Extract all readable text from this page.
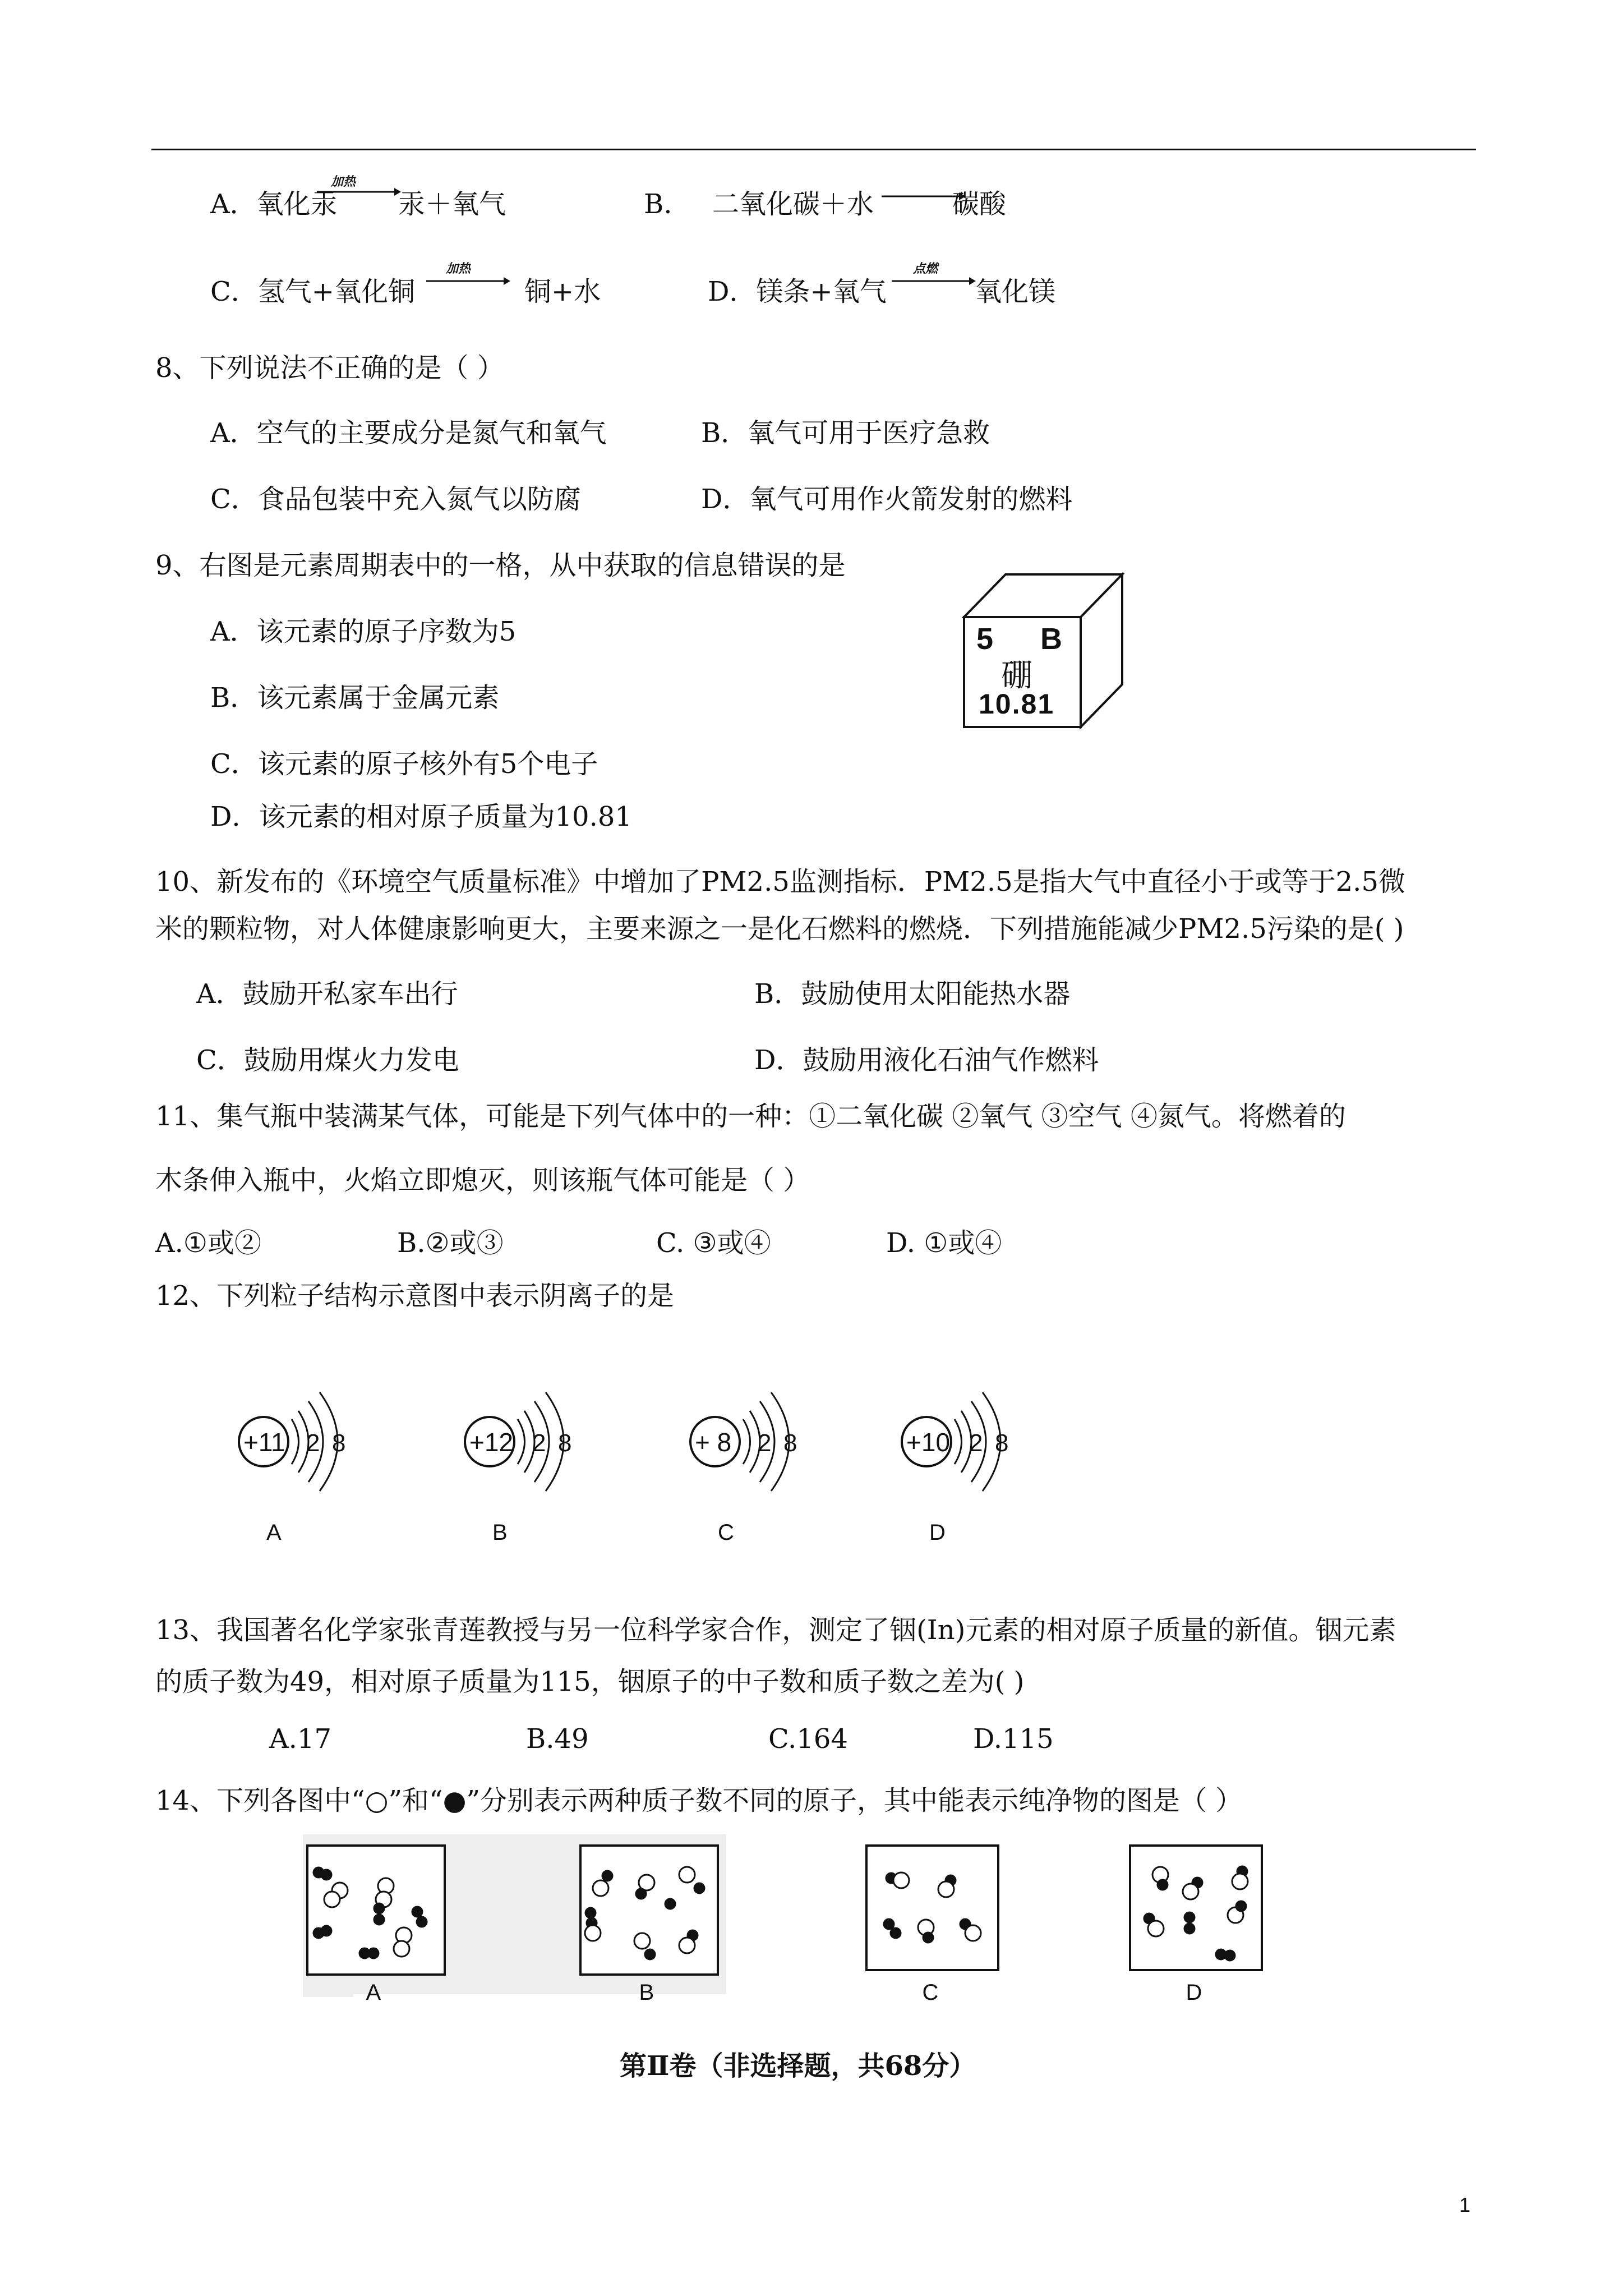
A．氧化汞
加热
汞＋氧气	B. 二氧化碳＋水	碳酸
C．氢气+氧化铜
加热
铜+水	D．镁条+氧气
点燃
氧化镁
8、下列说法不正确的是（ ）
A．空气的主要成分是氮气和氧气	B．氧气可用于医疗急救
C．食品包装中充入氮气以防腐	D．氧气可用作火箭发射的燃料
9、右图是元素周期表中的一格，从中获取的信息错误的是
A．该元素的原子序数为5
B．该元素属于金属元素
C．该元素的原子核外有5个电子
D．该元素的相对原子质量为10.81
5 B
硼
10.81
10、新发布的《环境空气质量标准》中增加了PM2.5监测指标．PM2.5是指大气中直径小于或等于2.5微
米的颗粒物，对人体健康影响更大，主要来源之一是化石燃料的燃烧．下列措施能减少PM2.5污染的是( )
A．鼓励开私家车出行	B．鼓励使用太阳能热水器
C．鼓励用煤火力发电	D．鼓励用液化石油气作燃料
11、集气瓶中装满某气体，可能是下列气体中的一种：①二氧化碳 ②氧气 ③空气 ④氮气。将燃着的
木条伸入瓶中，火焰立即熄灭，则该瓶气体可能是（ ）
A.①或②	B.②或③	C. ③或④	D. ①或④
12、下列粒子结构示意图中表示阴离子的是
+11 2 8
A
+12 2 8
B
+ 8 2 8
C
+10 2 8
D
13、我国著名化学家张青莲教授与另一位科学家合作，测定了铟(In)元素的相对原子质量的新值。铟元素
的质子数为49，相对原子质量为115，铟原子的中子数和质子数之差为( )
A.17	B.49	C.164	D.115
14、下列各图中“○”和“●”分别表示两种质子数不同的原子，其中能表示纯净物的图是（ ）
A	B	C	D
第Ⅱ卷（非选择题，共68分）
1
